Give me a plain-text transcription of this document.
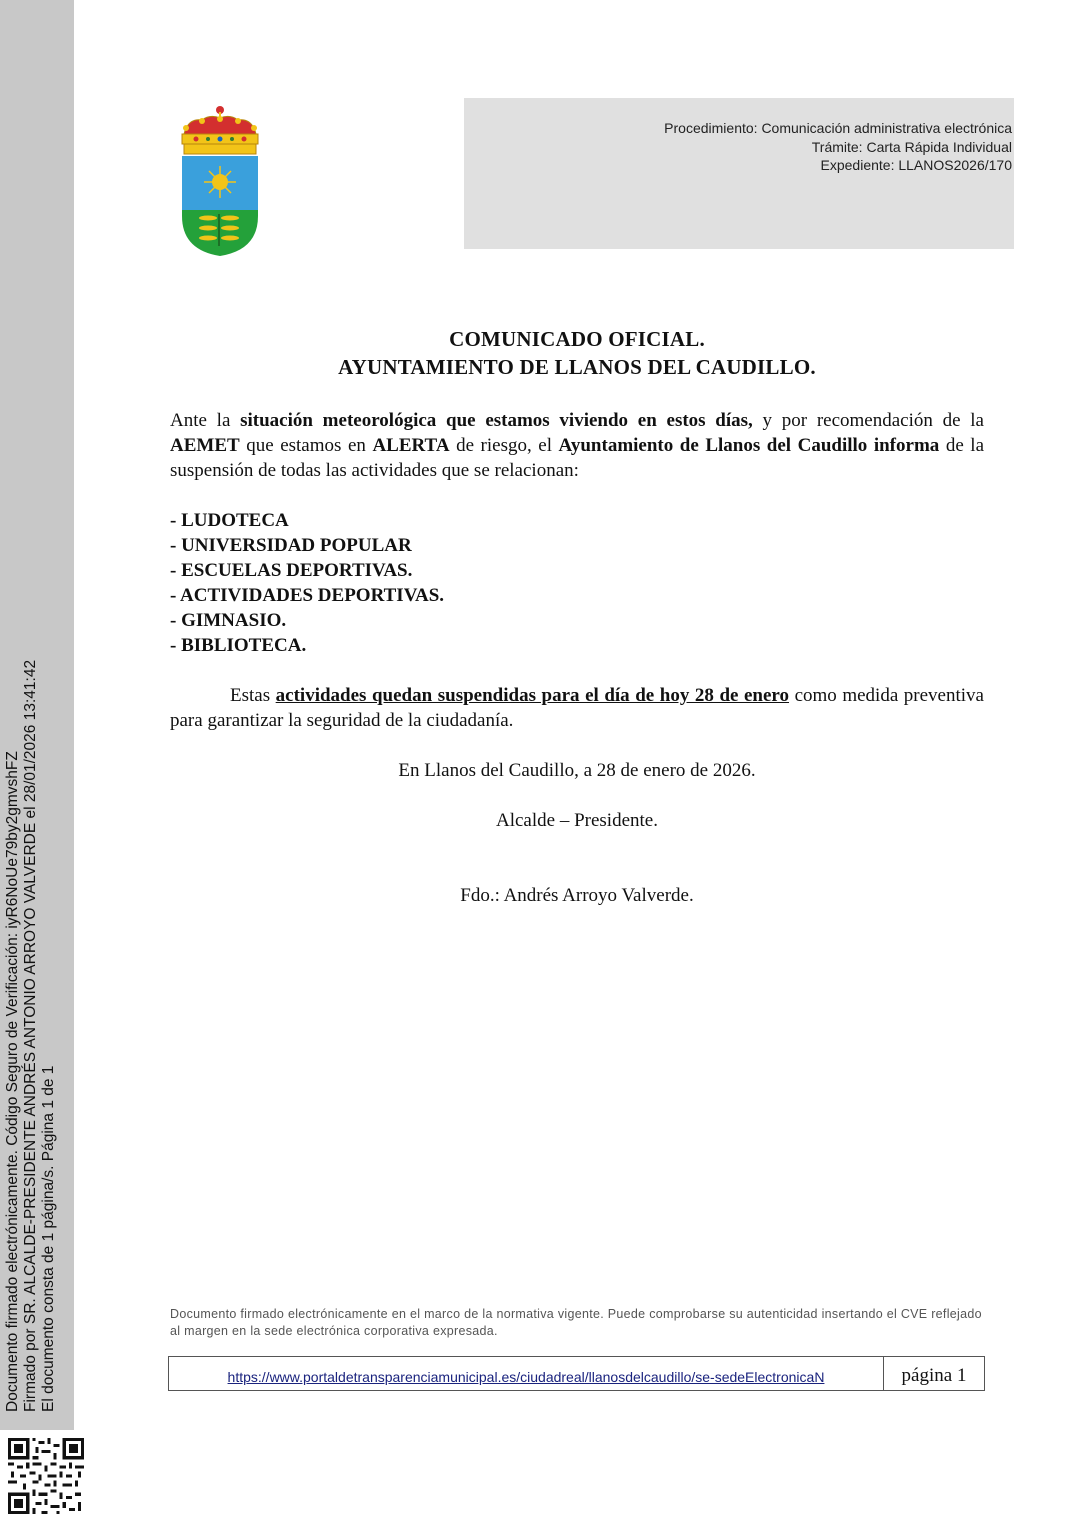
Documento firmado electrónicamente. Código Seguro de Verificación: iyR6NoUe79by2gmvshFZ Firmado por SR. ALCALDE-PRESIDENTE ANDRÉS ANTONIO ARROYO VALVERDE el 28/01/2026 13:41:42 El documento consta de 1 página/s. Página 1 de 1
Procedimiento: Comunicación administrativa electrónica
Trámite: Carta Rápida Individual
Expediente: LLANOS2026/170
COMUNICADO OFICIAL.
AYUNTAMIENTO DE LLANOS DEL CAUDILLO.
Ante la situación meteorológica que estamos viviendo en estos días, y por recomendación de la AEMET que estamos en ALERTA de riesgo, el Ayuntamiento de Llanos del Caudillo informa de la suspensión de todas las actividades que se relacionan:
- LUDOTECA
- UNIVERSIDAD POPULAR
- ESCUELAS DEPORTIVAS.
- ACTIVIDADES DEPORTIVAS.
- GIMNASIO.
- BIBLIOTECA.
Estas actividades quedan suspendidas para el día de hoy 28 de enero como medida preventiva para garantizar la seguridad de la ciudadanía.
En Llanos del Caudillo, a 28 de enero de 2026.
Alcalde – Presidente.
Fdo.: Andrés Arroyo Valverde.
Documento firmado electrónicamente en el marco de la normativa vigente. Puede comprobarse su autenticidad insertando el CVE reflejado al margen en la sede electrónica corporativa expresada.
https://www.portaldetransparenciamunicipal.es/ciudadreal/llanosdelcaudillo/se-sedeElectronicaN	página 1
